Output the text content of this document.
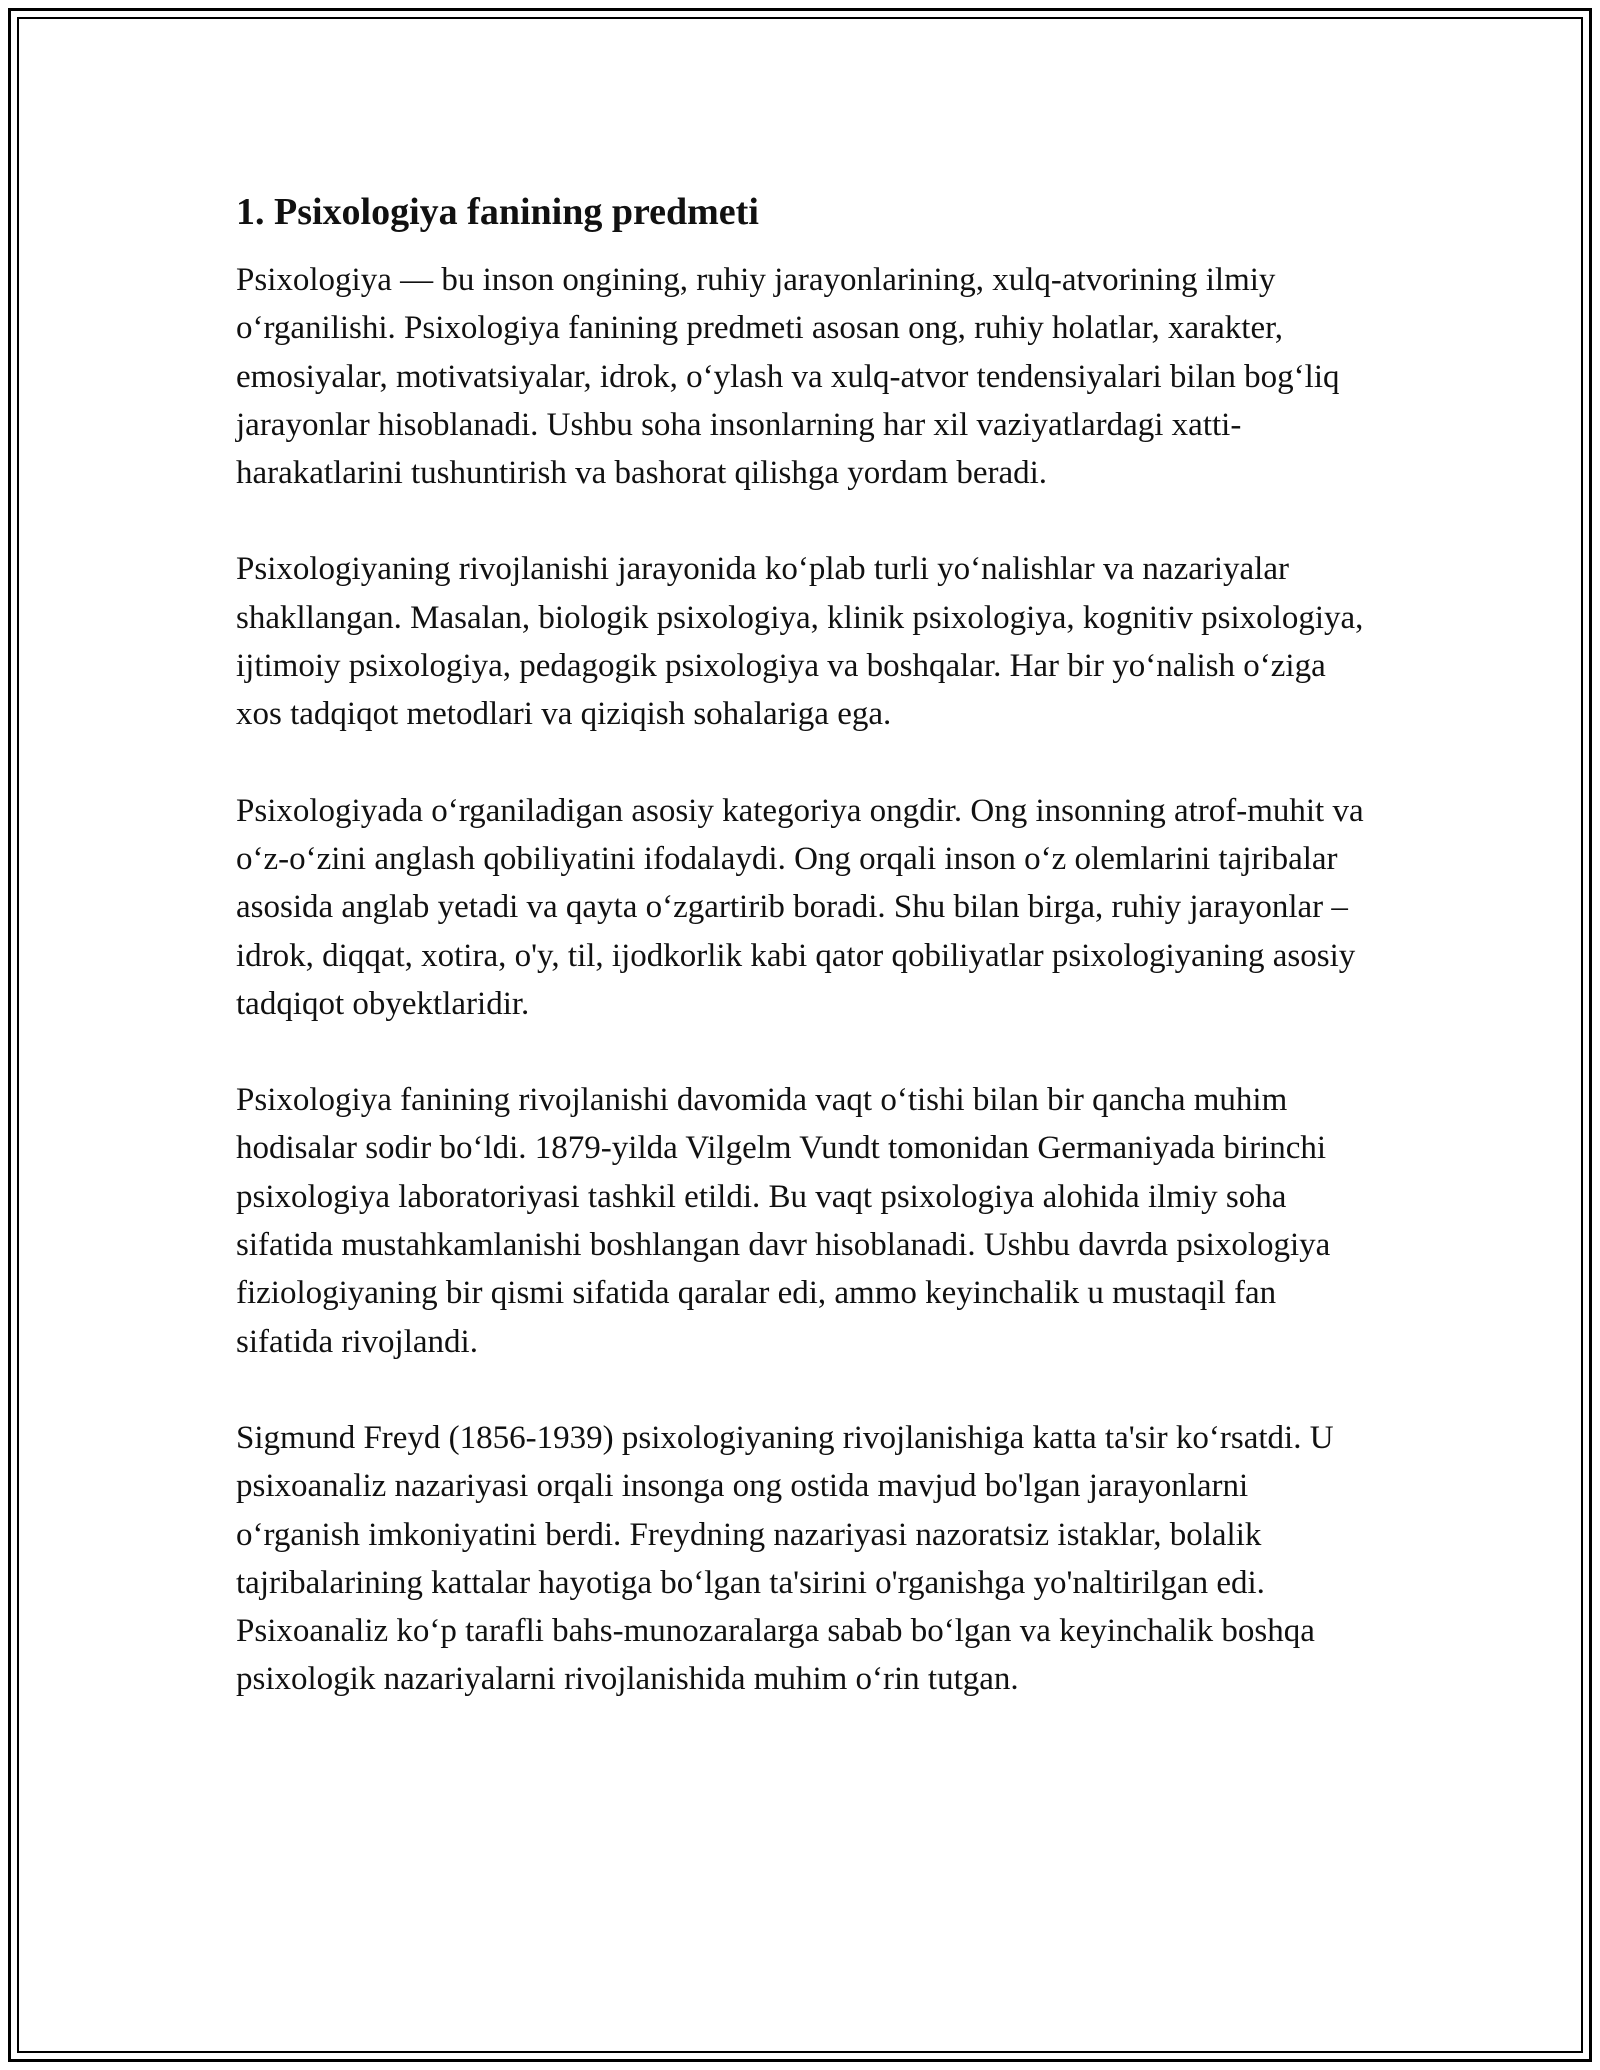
1. Psixologiya fanining predmeti

Psixologiya — bu inson ongining, ruhiy jarayonlarining, xulq-atvorining ilmiy o‘rganilishi. Psixologiya fanining predmeti asosan ong, ruhiy holatlar, xarakter, emosiyalar, motivatsiyalar, idrok, o‘ylash va xulq-atvor tendensiyalari bilan bog‘liq jarayonlar hisoblanadi. Ushbu soha insonlarning har xil vaziyatlardagi xatti-harakatlarini tushuntirish va bashorat qilishga yordam beradi.

Psixologiyaning rivojlanishi jarayonida ko‘plab turli yo‘nalishlar va nazariyalar shakllangan. Masalan, biologik psixologiya, klinik psixologiya, kognitiv psixologiya, ijtimoiy psixologiya, pedagogik psixologiya va boshqalar. Har bir yo‘nalish o‘ziga xos tadqiqot metodlari va qiziqish sohalariga ega.

Psixologiyada o‘rganiladigan asosiy kategoriya ongdir. Ong insonning atrof-muhit va o‘z-o‘zini anglash qobiliyatini ifodalaydi. Ong orqali inson o‘z olemlarini tajribalar asosida anglab yetadi va qayta o‘zgartirib boradi. Shu bilan birga, ruhiy jarayonlar – idrok, diqqat, xotira, o'y, til, ijodkorlik kabi qator qobiliyatlar psixologiyaning asosiy tadqiqot obyektlaridir.

Psixologiya fanining rivojlanishi davomida vaqt o‘tishi bilan bir qancha muhim hodisalar sodir bo‘ldi. 1879-yilda Vilgelm Vundt tomonidan Germaniyada birinchi psixologiya laboratoriyasi tashkil etildi. Bu vaqt psixologiya alohida ilmiy soha sifatida mustahkamlanishi boshlangan davr hisoblanadi. Ushbu davrda psixologiya fiziologiyaning bir qismi sifatida qaralar edi, ammo keyinchalik u mustaqil fan sifatida rivojlandi.

Sigmund Freyd (1856-1939) psixologiyaning rivojlanishiga katta ta'sir ko‘rsatdi. U psixoanaliz nazariyasi orqali insonga ong ostida mavjud bo'lgan jarayonlarni o‘rganish imkoniyatini berdi. Freydning nazariyasi nazoratsiz istaklar, bolalik tajribalarining kattalar hayotiga bo‘lgan ta'sirini o'rganishga yo'naltirilgan edi. Psixoanaliz ko‘p tarafli bahs-munozaralarga sabab bo‘lgan va keyinchalik boshqa psixologik nazariyalarni rivojlanishida muhim o‘rin tutgan.
